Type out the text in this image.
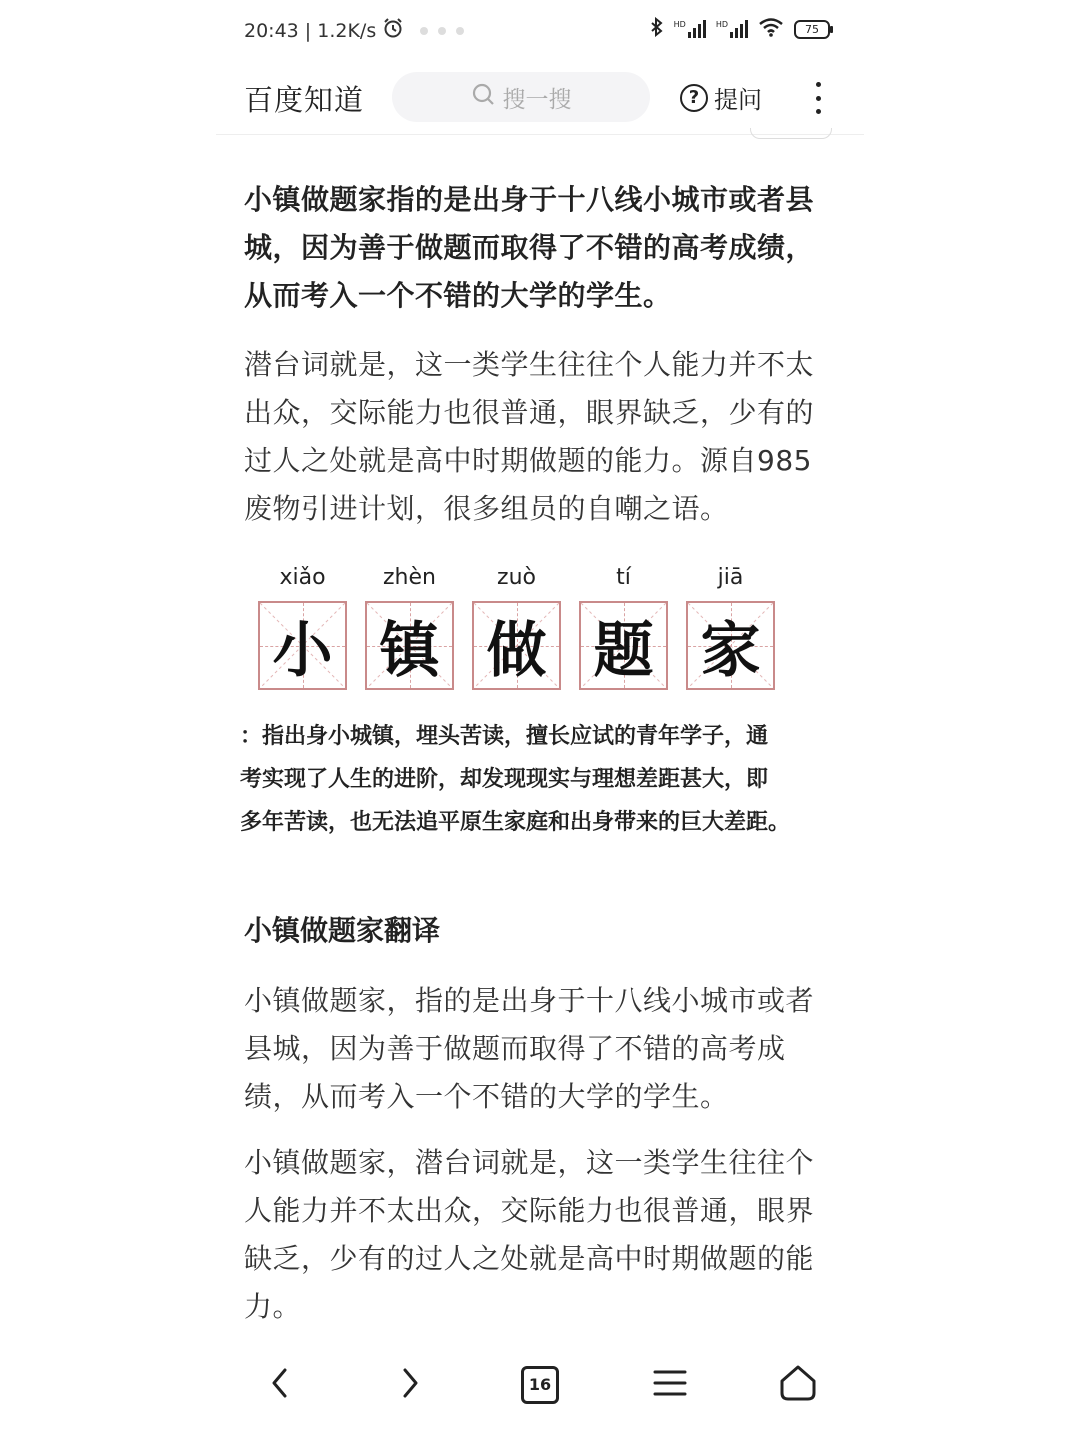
20:43 | 1.2K/s	HD	HD	75
百度知道	搜一搜	? 提问

小镇做题家指的是出身于十八线小城市或者县城，因为善于做题而取得了不错的高考成绩，从而考入一个不错的大学的学生。

潜台词就是，这一类学生往往个人能力并不太出众，交际能力也很普通，眼界缺乏，少有的过人之处就是高中时期做题的能力。源自985废物引进计划，很多组员的自嘲之语。

xiǎo	zhèn	zuò	tí	jiā
小 镇 做 题 家
：指出身小城镇，埋头苦读，擅长应试的青年学子，通
考实现了人生的进阶，却发现现实与理想差距甚大，即
多年苦读，也无法追平原生家庭和出身带来的巨大差距。
小镇做题家翻译

小镇做题家，指的是出身于十八线小城市或者县城，因为善于做题而取得了不错的高考成绩，从而考入一个不错的大学的学生。

小镇做题家，潜台词就是，这一类学生往往个人能力并不太出众，交际能力也很普通，眼界缺乏，少有的过人之处就是高中时期做题的能力。

16
